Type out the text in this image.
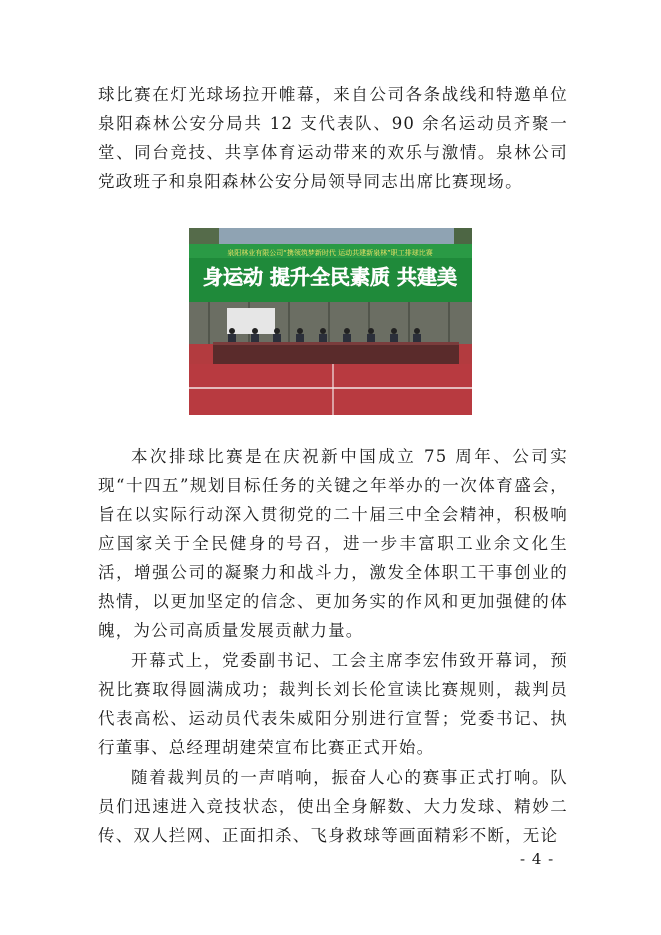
球比赛在灯光球场拉开帷幕，来自公司各条战线和特邀单位泉阳森林公安分局共 12 支代表队、90 余名运动员齐聚一堂、同台竞技、共享体育运动带来的欢乐与激情。泉林公司党政班子和泉阳森林公安分局领导同志出席比赛现场。

泉阳林业有限公司“携领筑梦新时代 运动共建新泉林”职工排球比赛
身运动 提升全民素质 共建美

本次排球比赛是在庆祝新中国成立 75 周年、公司实现“十四五”规划目标任务的关键之年举办的一次体育盛会，旨在以实际行动深入贯彻党的二十届三中全会精神，积极响应国家关于全民健身的号召，进一步丰富职工业余文化生活，增强公司的凝聚力和战斗力，激发全体职工干事创业的热情，以更加坚定的信念、更加务实的作风和更加强健的体魄，为公司高质量发展贡献力量。

开幕式上，党委副书记、工会主席李宏伟致开幕词，预祝比赛取得圆满成功；裁判长刘长伦宣读比赛规则，裁判员代表高松、运动员代表朱威阳分别进行宣誓；党委书记、执行董事、总经理胡建荣宣布比赛正式开始。

随着裁判员的一声哨响，振奋人心的赛事正式打响。队员们迅速进入竞技状态，使出全身解数、大力发球、精妙二传、双人拦网、正面扣杀、飞身救球等画面精彩不断，无论

- 4 -
